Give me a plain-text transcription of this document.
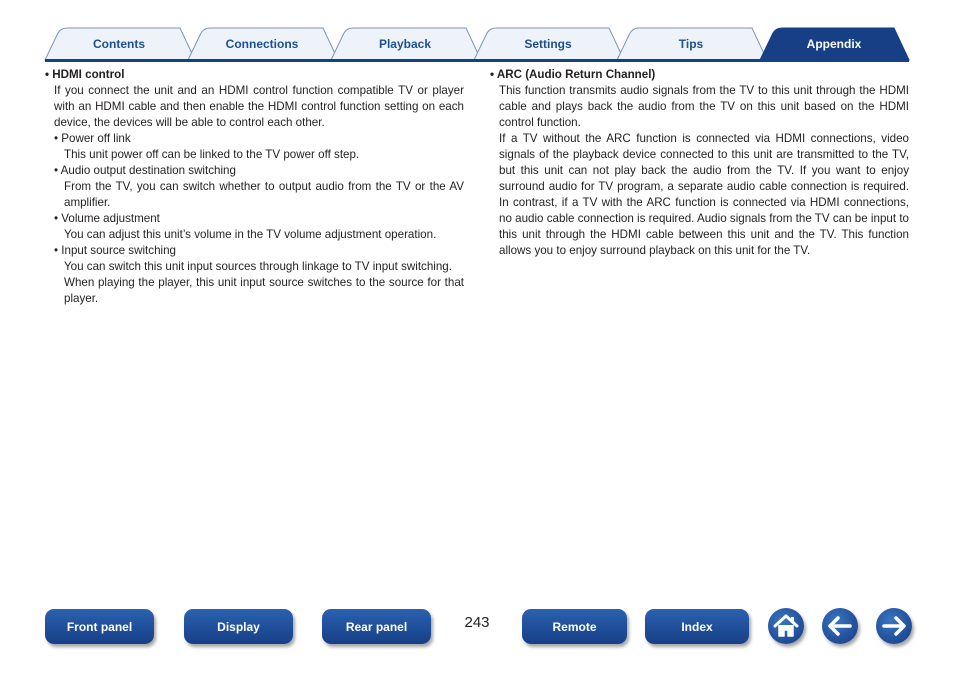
Contents	Connections	Playback	Settings	Tips	Appendix
• HDMI control
If you connect the unit and an HDMI control function compatible TV or player with an HDMI cable and then enable the HDMI control function setting on each device, the devices will be able to control each other.
• Power off link
This unit power off can be linked to the TV power off step.
• Audio output destination switching
From the TV, you can switch whether to output audio from the TV or the AV amplifier.
• Volume adjustment
You can adjust this unit’s volume in the TV volume adjustment operation.
• Input source switching
You can switch this unit input sources through linkage to TV input switching.
When playing the player, this unit input source switches to the source for that player.
• ARC (Audio Return Channel)
This function transmits audio signals from the TV to this unit through the HDMI cable and plays back the audio from the TV on this unit based on the HDMI control function.
If a TV without the ARC function is connected via HDMI connections, video signals of the playback device connected to this unit are transmitted to the TV, but this unit can not play back the audio from the TV. If you want to enjoy surround audio for TV program, a separate audio cable connection is required. In contrast, if a TV with the ARC function is connected via HDMI connections, no audio cable connection is required. Audio signals from the TV can be input to this unit through the HDMI cable between this unit and the TV. This function allows you to enjoy surround playback on this unit for the TV.
Front panel	Display	Rear panel	243	Remote	Index
